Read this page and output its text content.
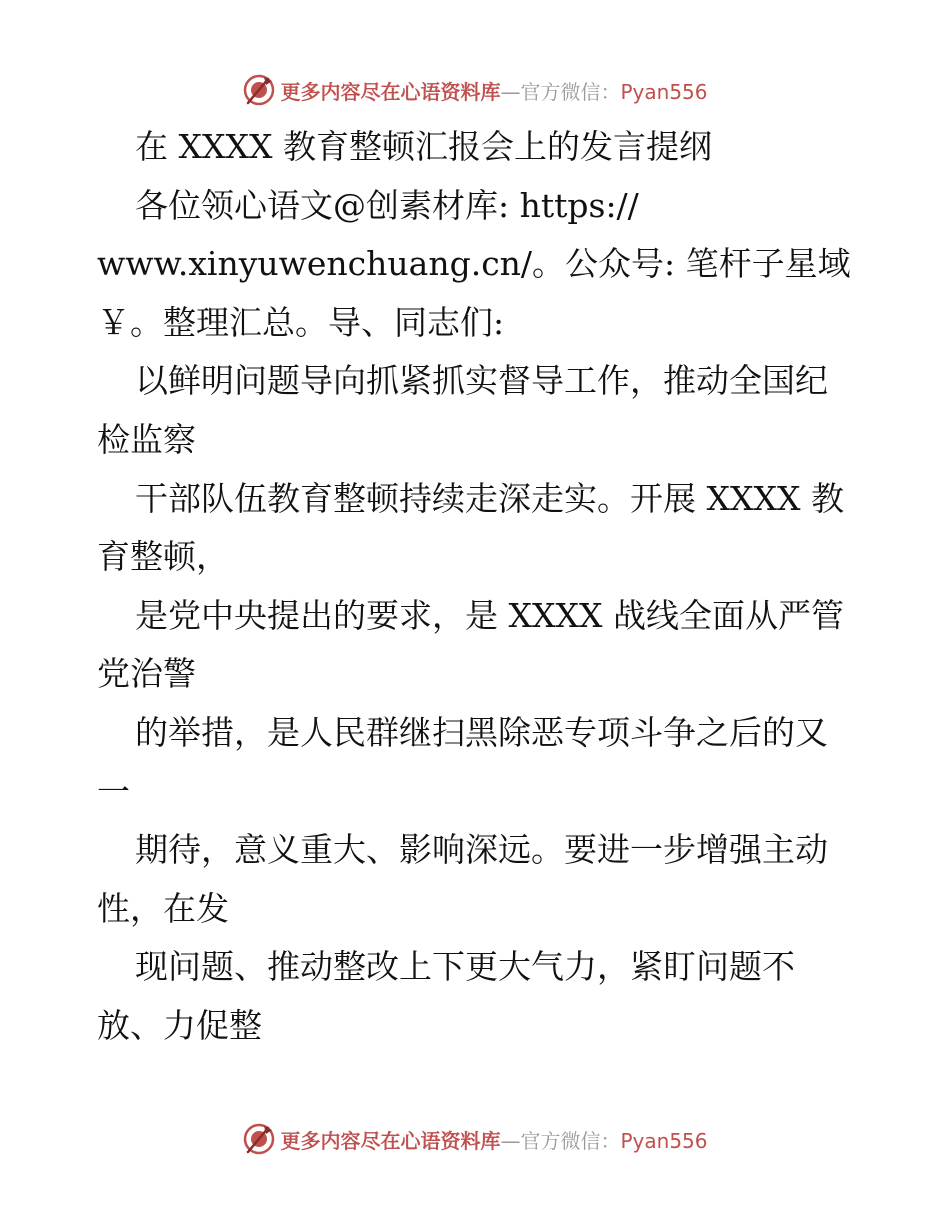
更多内容尽在心语资料库—官方微信：Pyan556
在 XXXX 教育整顿汇报会上的发言提纲
各位领心语文@创素材库: https://
www.xinyuwenchuang.cn/。公众号: 笔杆子星域
￥。整理汇总。导、同志们:
以鲜明问题导向抓紧抓实督导工作，推动全国纪
检监察
干部队伍教育整顿持续走深走实。开展 XXXX 教
育整顿，
是党中央提出的要求，是 XXXX 战线全面从严管
党治警
的举措，是人民群继扫黑除恶专项斗争之后的又
一
期待，意义重大、影响深远。要进一步增强主动
性，在发
现问题、推动整改上下更大气力，紧盯问题不
放、力促整
更多内容尽在心语资料库—官方微信：Pyan556
